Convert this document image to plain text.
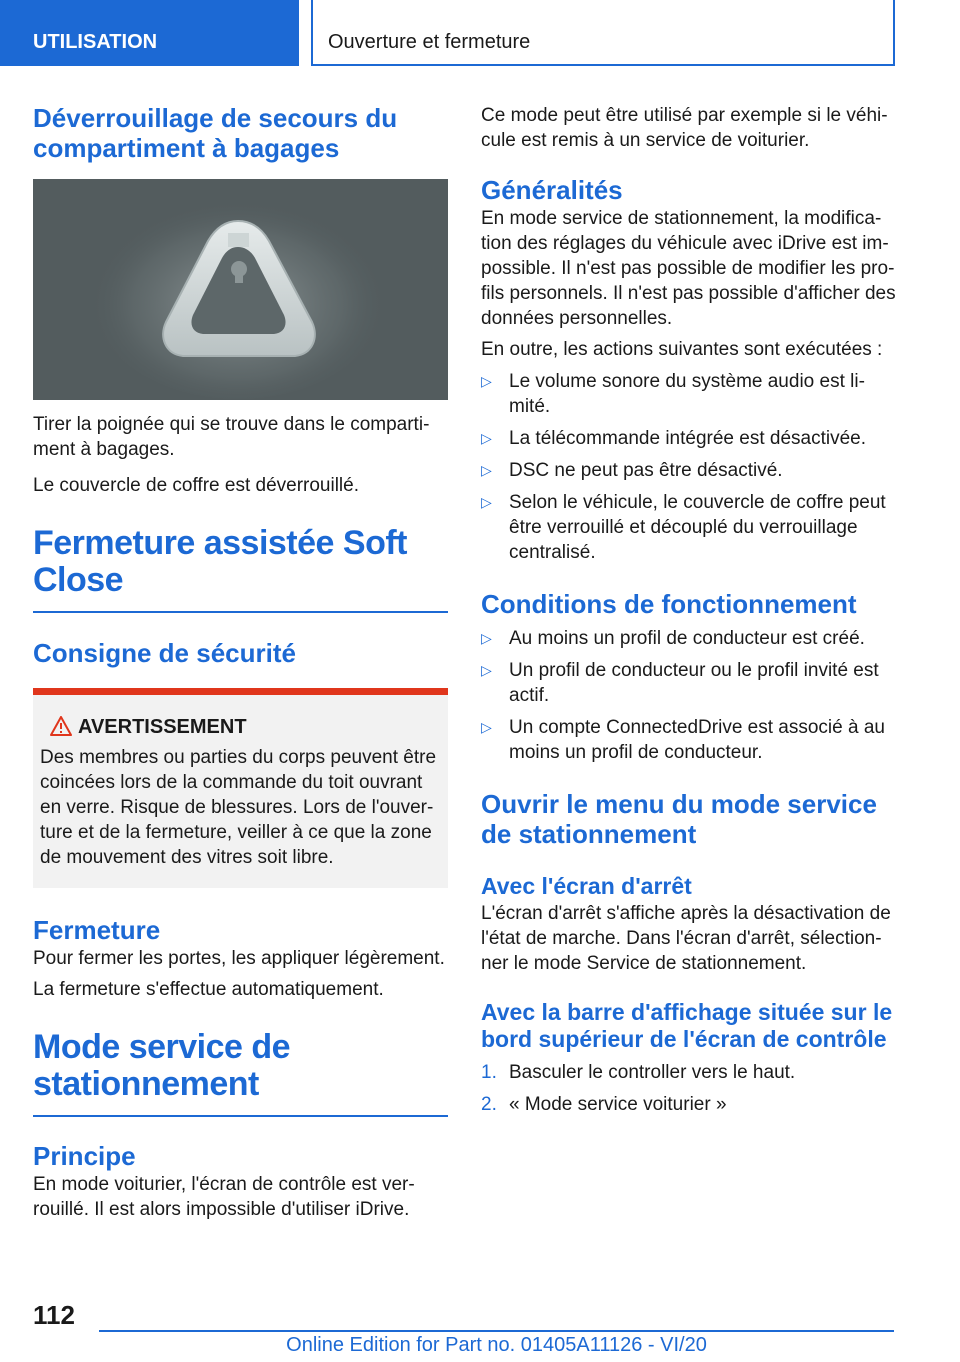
UTILISATION	Ouverture et fermeture
Déverrouillage de secours du compartiment à bagages

Tirer la poignée qui se trouve dans le compartiment à bagages.

Le couvercle de coffre est déverrouillé.

Fermeture assistée Soft Close
Consigne de sécurité
AVERTISSEMENT

Des membres ou parties du corps peuvent être coincées lors de la commande du toit ouvrant en verre. Risque de blessures. Lors de l'ouverture et de la fermeture, veiller à ce que la zone de mouvement des vitres soit libre.

Fermeture

Pour fermer les portes, les appliquer légèrement.

La fermeture s'effectue automatiquement.

Mode service de stationnement
Principe

En mode voiturier, l'écran de contrôle est verrouillé. Il est alors impossible d'utiliser iDrive.

Ce mode peut être utilisé par exemple si le véhicule est remis à un service de voiturier.

Généralités

En mode service de stationnement, la modification des réglages du véhicule avec iDrive est impossible. Il n'est pas possible de modifier les profils personnels. Il n'est pas possible d'afficher des données personnelles.

En outre, les actions suivantes sont exécutées :

▷ Le volume sonore du système audio est limité.
▷ La télécommande intégrée est désactivée.
▷ DSC ne peut pas être désactivé.
▷ Selon le véhicule, le couvercle de coffre peut être verrouillé et découplé du verrouillage centralisé.
Conditions de fonctionnement
▷ Au moins un profil de conducteur est créé.
▷ Un profil de conducteur ou le profil invité est actif.
▷ Un compte ConnectedDrive est associé à au moins un profil de conducteur.
Ouvrir le menu du mode service de stationnement
Avec l'écran d'arrêt

L'écran d'arrêt s'affiche après la désactivation de l'état de marche. Dans l'écran d'arrêt, sélectionner le mode Service de stationnement.

Avec la barre d'affichage située sur le bord supérieur de l'écran de contrôle
1. Basculer le controller vers le haut.
2. « Mode service voiturier »
112
Online Edition for Part no. 01405A11126 - VI/20
